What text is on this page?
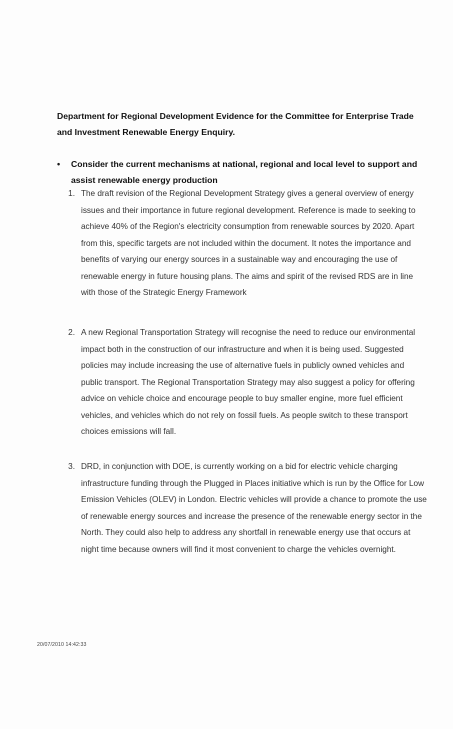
Department for Regional Development Evidence for the Committee for Enterprise Trade and Investment Renewable Energy Enquiry.
•	Consider the current mechanisms at national, regional and local level to support and assist renewable energy production
1. The draft revision of the Regional Development Strategy gives a general overview of energy issues and their importance in future regional development. Reference is made to seeking to achieve 40% of the Region's electricity consumption from renewable sources by 2020. Apart from this, specific targets are not included within the document. It notes the importance and benefits of varying our energy sources in a sustainable way and encouraging the use of renewable energy in future housing plans. The aims and spirit of the revised RDS are in line with those of the Strategic Energy Framework
2. A new Regional Transportation Strategy will recognise the need to reduce our environmental impact both in the construction of our infrastructure and when it is being used. Suggested policies may include increasing the use of alternative fuels in publicly owned vehicles and public transport. The Regional Transportation Strategy may also suggest a policy for offering advice on vehicle choice and encourage people to buy smaller engine, more fuel efficient vehicles, and vehicles which do not rely on fossil fuels. As people switch to these transport choices emissions will fall.
3. DRD, in conjunction with DOE, is currently working on a bid for electric vehicle charging infrastructure funding through the Plugged in Places initiative which is run by the Office for Low Emission Vehicles (OLEV) in London. Electric vehicles will provide a chance to promote the use of renewable energy sources and increase the presence of the renewable energy sector in the North. They could also help to address any shortfall in renewable energy use that occurs at night time because owners will find it most convenient to charge the vehicles overnight.
20/07/2010 14:42:33
